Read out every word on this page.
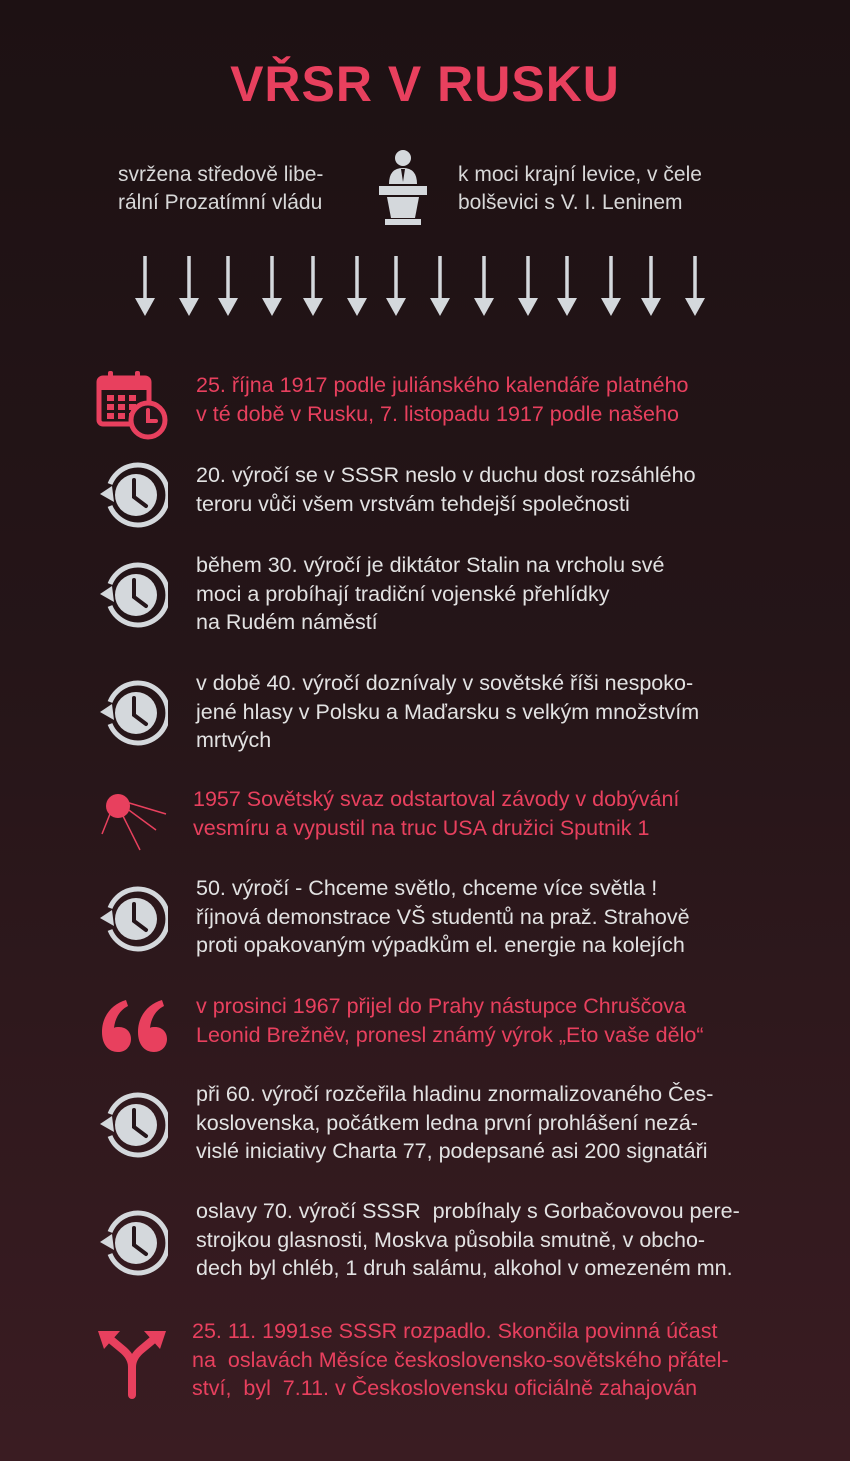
VŘSR V RUSKU
svržena středově libe-
rální Prozatímní vládu
k moci krajní levice, v čele
bolševici s V. I. Leninem
25. října 1917 podle juliánského kalendáře platného
v té době v Rusku, 7. listopadu 1917 podle našeho
20. výročí se v SSSR neslo v duchu dost rozsáhlého
teroru vůči všem vrstvám tehdejší společnosti
během 30. výročí je diktátor Stalin na vrcholu své
moci a probíhají tradiční vojenské přehlídky
na Rudém náměstí
v době 40. výročí doznívaly v sovětské říši nespoko-
jené hlasy v Polsku a Maďarsku s velkým množstvím
mrtvých
1957 Sovětský svaz odstartoval závody v dobývání
vesmíru a vypustil na truc USA družici Sputnik 1
50. výročí - Chceme světlo, chceme více světla !
říjnová demonstrace VŠ studentů na praž. Strahově
proti opakovaným výpadkům el. energie na kolejích
v prosinci 1967 přijel do Prahy nástupce Chruščova
Leonid Brežněv, pronesl známý výrok „Eto vaše dělo“
při 60. výročí rozčeřila hladinu znormalizovaného Čes-
koslovenska, počátkem ledna první prohlášení nezá-
vislé iniciativy Charta 77, podepsané asi 200 signatáři
oslavy 70. výročí SSSR  probíhaly s Gorbačovovou pere-
strojkou glasnosti, Moskva působila smutně, v obcho-
dech byl chléb, 1 druh salámu, alkohol v omezeném mn.
25. 11. 1991se SSSR rozpadlo. Skončila povinná účast
na  oslavách Měsíce československo-sovětského přátel-
ství,  byl  7.11. v Československu oficiálně zahajován
